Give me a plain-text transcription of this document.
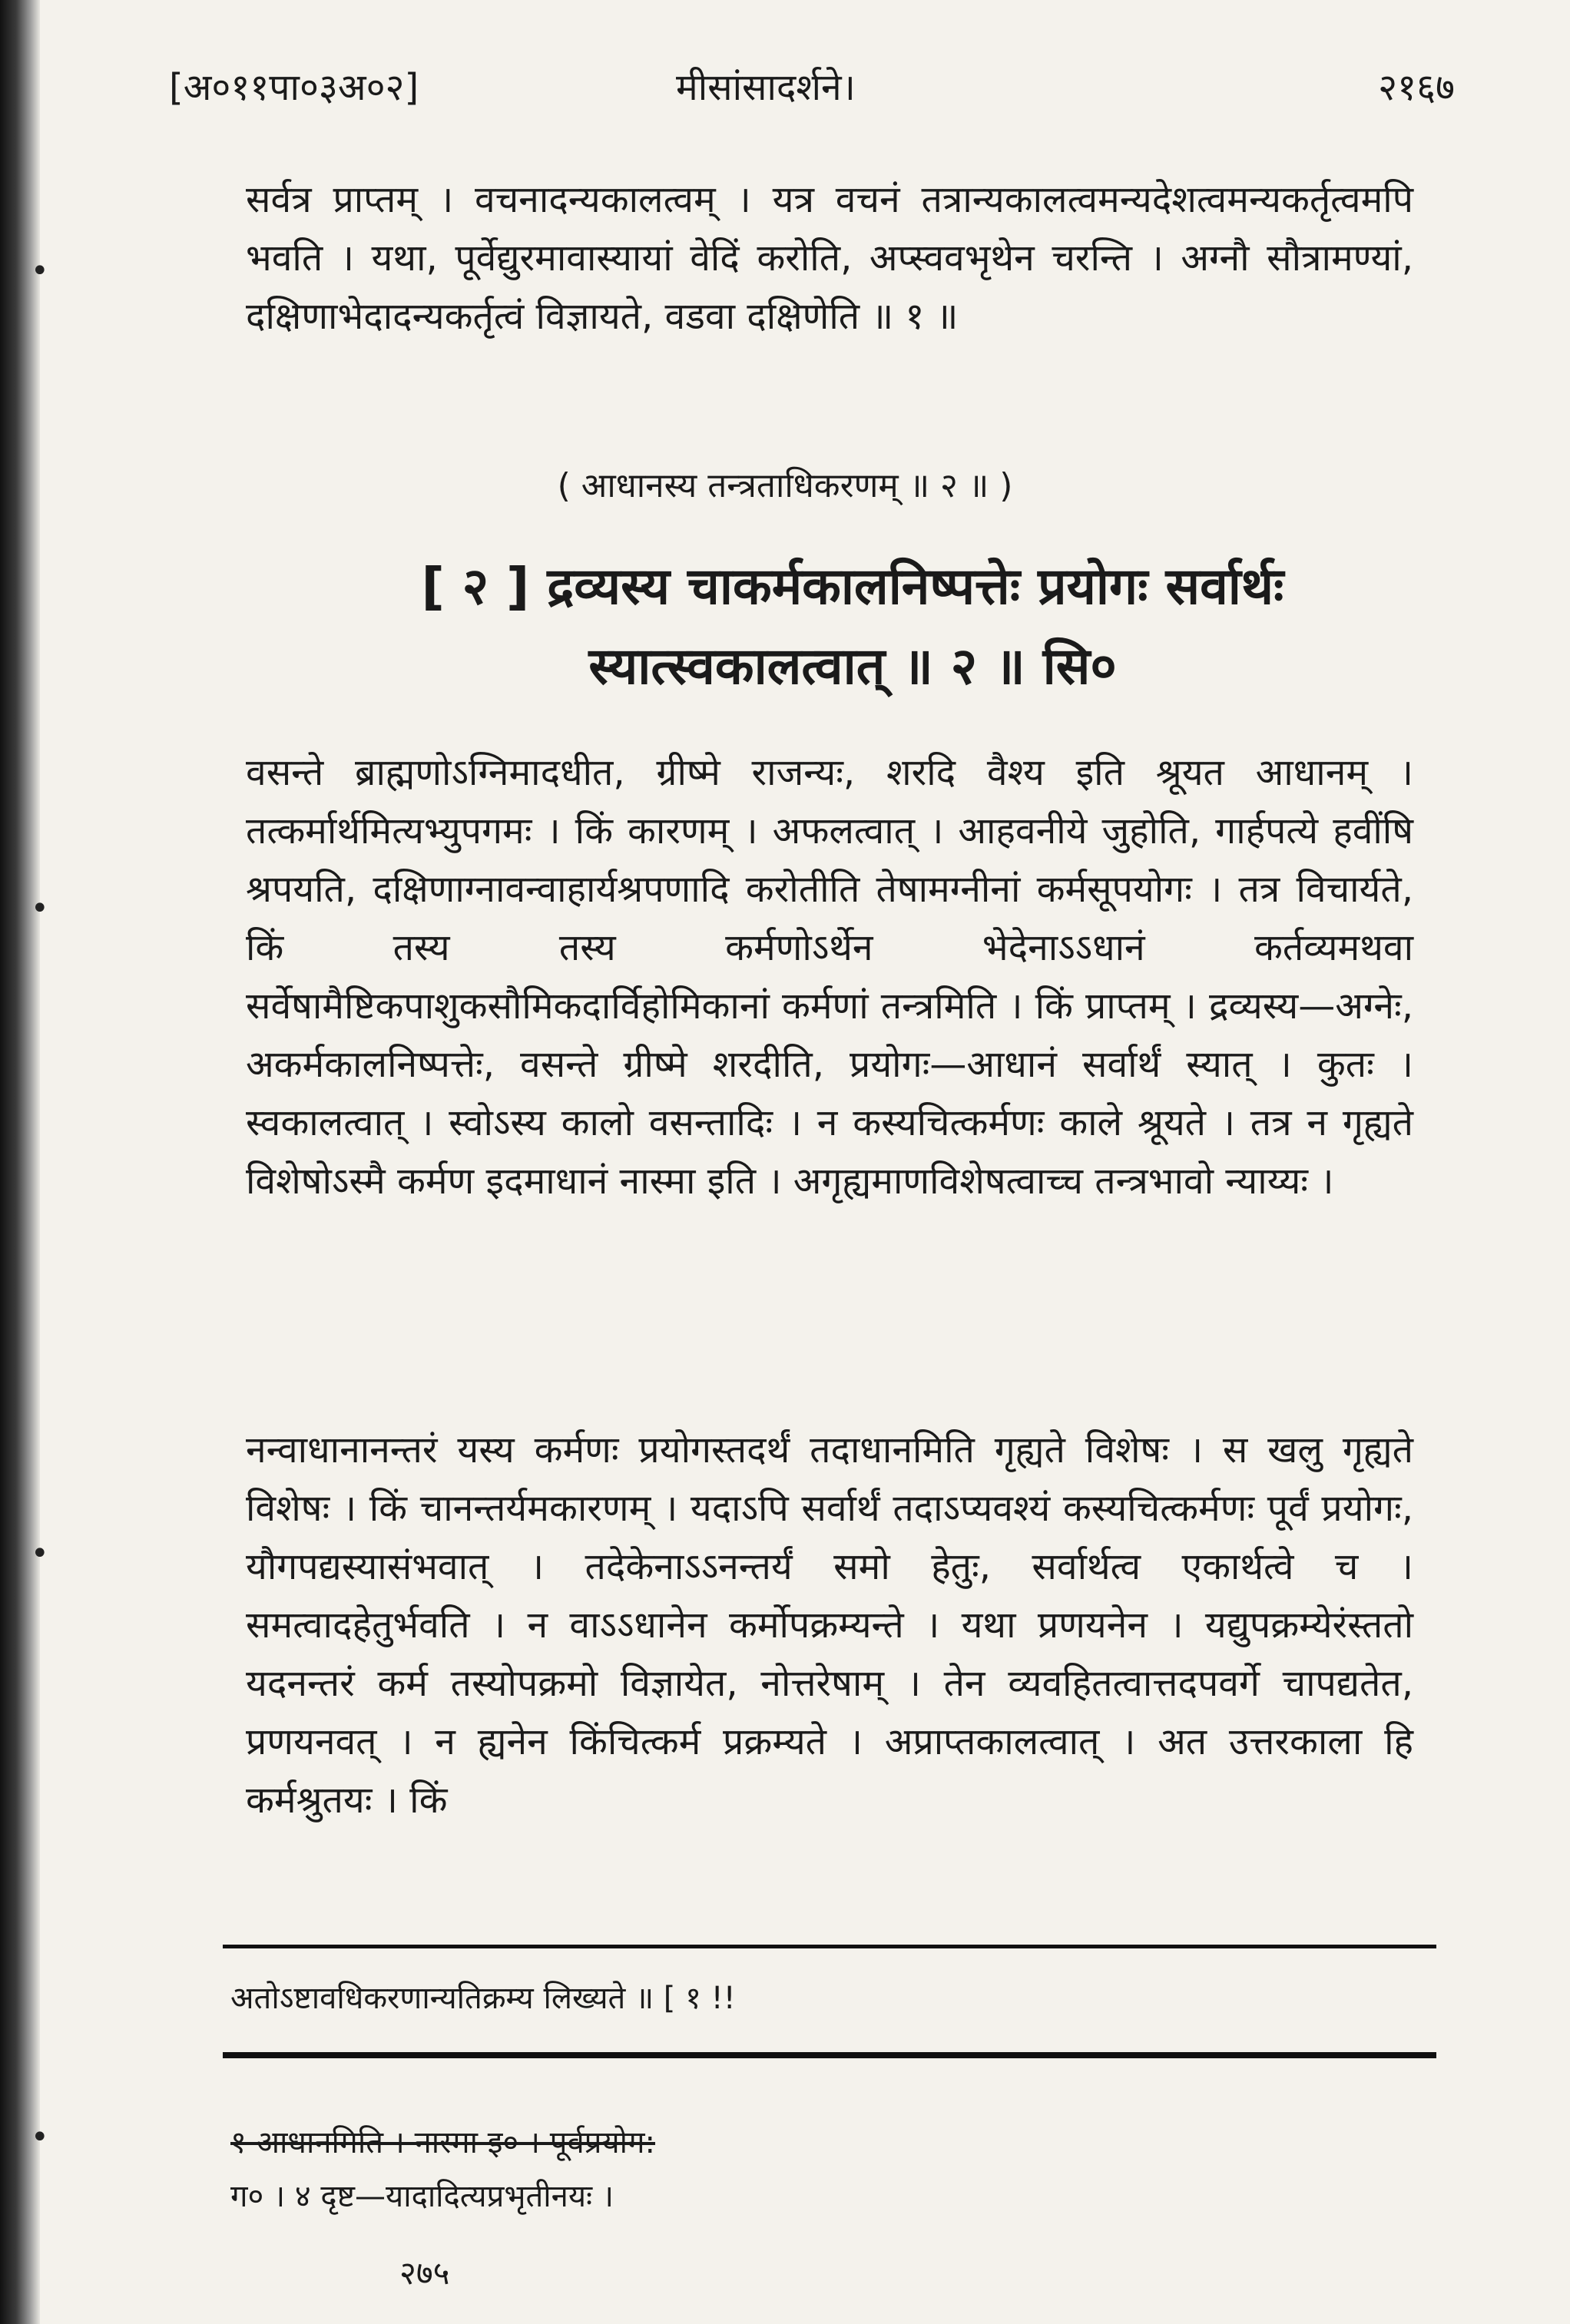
•
•
•
•
[अ०११पा०३अ०२]	मीसांसादर्शने।	२१६७
सर्वत्र प्राप्तम् । वचनादन्यकालत्वम् । यत्र वचनं तत्रान्यकालत्वमन्यदेशत्वमन्यकर्तृत्वमपि भवति । यथा, पूर्वेद्युरमावास्यायां वेदिं करोति, अप्स्ववभृथेन चरन्ति । अग्नौ सौत्रामण्यां, दक्षिणाभेदादन्यकर्तृत्वं विज्ञायते, वडवा दक्षिणेति ॥ १ ॥
( आधानस्य तन्त्रताधिकरणम् ॥ २ ॥ )
[ २ ] द्रव्यस्य चाकर्मकालनिष्पत्तेः प्रयोगः सर्वार्थः
स्यात्स्वकालत्वात् ॥ २ ॥ सि०
वसन्ते ब्राह्मणोऽग्निमादधीत, ग्रीष्मे राजन्यः, शरदि वैश्य इति श्रूयत आधानम् । तत्कर्मार्थमित्यभ्युपगमः । किं कारणम् । अफलत्वात् । आहवनीये जुहोति, गार्हपत्ये हवींषि श्रपयति, दक्षिणाग्नावन्वाहार्यश्रपणादि करोतीति तेषामग्नीनां कर्मसूपयोगः । तत्र विचार्यते, किं तस्य तस्य कर्मणोऽर्थेन भेदेनाऽऽधानं कर्तव्यमथवा सर्वेषामैष्टिकपाशुकसौमिकदार्विहोमिकानां कर्मणां तन्त्रमिति । किं प्राप्तम् । द्रव्यस्य—अग्नेः, अकर्मकालनिष्पत्तेः, वसन्ते ग्रीष्मे शरदीति, प्रयोगः—आधानं सर्वार्थं स्यात् । कुतः । स्वकालत्वात् । स्वोऽस्य कालो वसन्तादिः । न कस्यचित्कर्मणः काले श्रूयते । तत्र न गृह्यते विशेषोऽस्मै कर्मण इदमाधानं नास्मा इति । अगृह्यमाणविशेषत्वाच्च तन्त्रभावो न्याय्यः ।
नन्वाधानानन्तरं यस्य कर्मणः प्रयोगस्तदर्थं तदाधानमिति गृह्यते विशेषः । स खलु गृह्यते विशेषः । किं चानन्तर्यमकारणम् । यदाऽपि सर्वार्थं तदाऽप्यवश्यं कस्यचित्कर्मणः पूर्वं प्रयोगः, यौगपद्यस्यासंभवात् । तदेकेनाऽऽनन्तर्यं समो हेतुः, सर्वार्थत्व एकार्थत्वे च । समत्वादहेतुर्भवति । न वाऽऽधानेन कर्मोपक्रम्यन्ते । यथा प्रणयनेन । यद्युपक्रम्येरंस्ततो यदनन्तरं कर्म तस्योपक्रमो विज्ञायेत, नोत्तरेषाम् । तेन व्यवहितत्वात्तदपवर्गे चापद्यतेत, प्रणयनवत् । न ह्यनेन किंचित्कर्म प्रक्रम्यते । अप्राप्तकालत्वात् । अत उत्तरकाला हि कर्मश्रुतयः । किं
अतोऽष्टावधिकरणान्यतिक्रम्य लिख्यते ॥ [ १ !!
१ आधानमिति । नास्मा इ० । पूर्वप्रयोग:
ग० । ४ दृष्ट—यादादित्यप्रभृतीनयः ।
२७५
